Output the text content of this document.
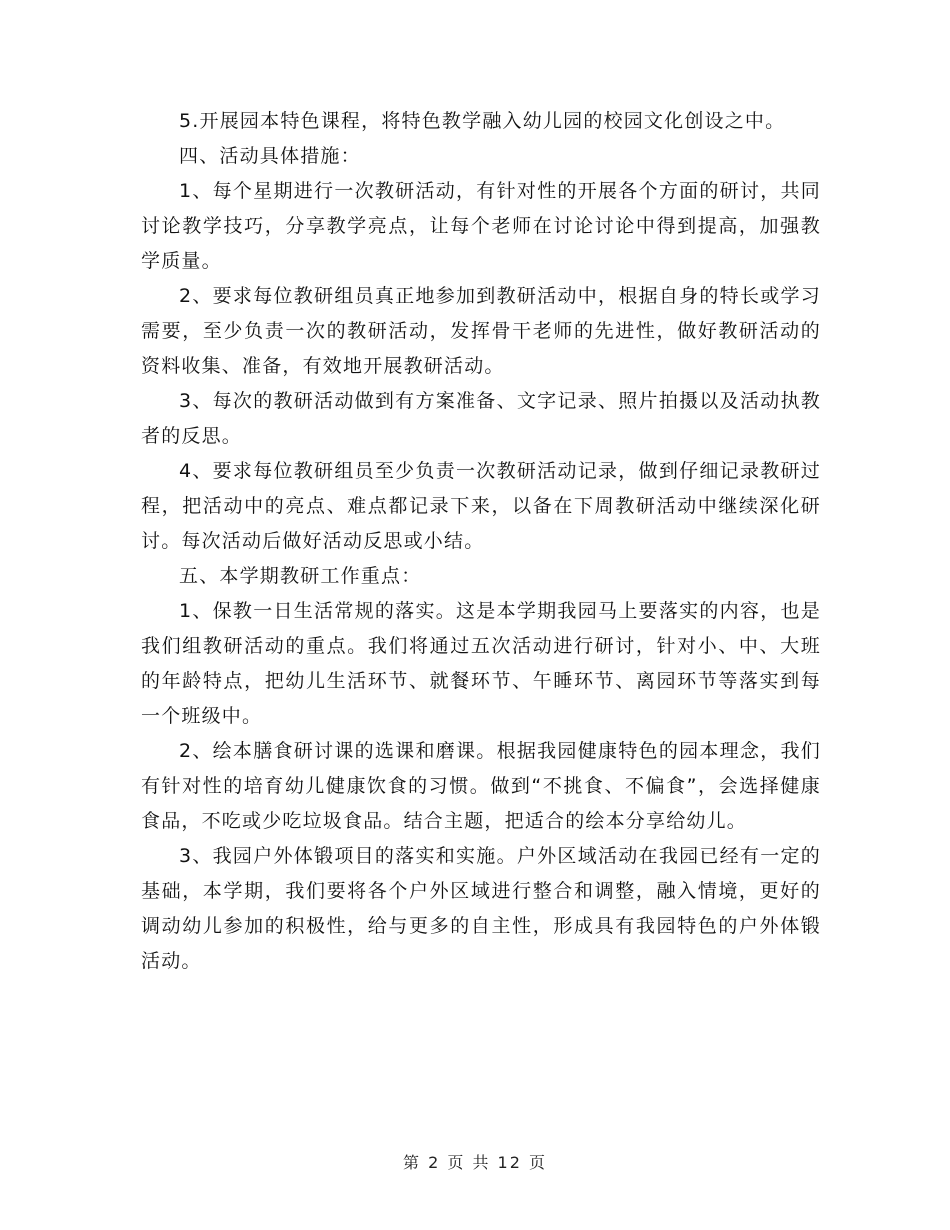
5.开展园本特色课程，将特色教学融入幼儿园的校园文化创设之中。

四、活动具体措施：

1、每个星期进行一次教研活动，有针对性的开展各个方面的研讨，共同讨论教学技巧，分享教学亮点，让每个老师在讨论讨论中得到提高，加强教学质量。

2、要求每位教研组员真正地参加到教研活动中，根据自身的特长或学习需要，至少负责一次的教研活动，发挥骨干老师的先进性，做好教研活动的资料收集、准备，有效地开展教研活动。

3、每次的教研活动做到有方案准备、文字记录、照片拍摄以及活动执教者的反思。

4、要求每位教研组员至少负责一次教研活动记录，做到仔细记录教研过程，把活动中的亮点、难点都记录下来，以备在下周教研活动中继续深化研讨。每次活动后做好活动反思或小结。

五、本学期教研工作重点：

1、保教一日生活常规的落实。这是本学期我园马上要落实的内容，也是我们组教研活动的重点。我们将通过五次活动进行研讨，针对小、中、大班的年龄特点，把幼儿生活环节、就餐环节、午睡环节、离园环节等落实到每一个班级中。

2、绘本膳食研讨课的选课和磨课。根据我园健康特色的园本理念，我们有针对性的培育幼儿健康饮食的习惯。做到“不挑食、不偏食”，会选择健康食品，不吃或少吃垃圾食品。结合主题，把适合的绘本分享给幼儿。

3、我园户外体锻项目的落实和实施。户外区域活动在我园已经有一定的基础，本学期，我们要将各个户外区域进行整合和调整，融入情境，更好的调动幼儿参加的积极性，给与更多的自主性，形成具有我园特色的户外体锻活动。

第 2 页 共 12 页
